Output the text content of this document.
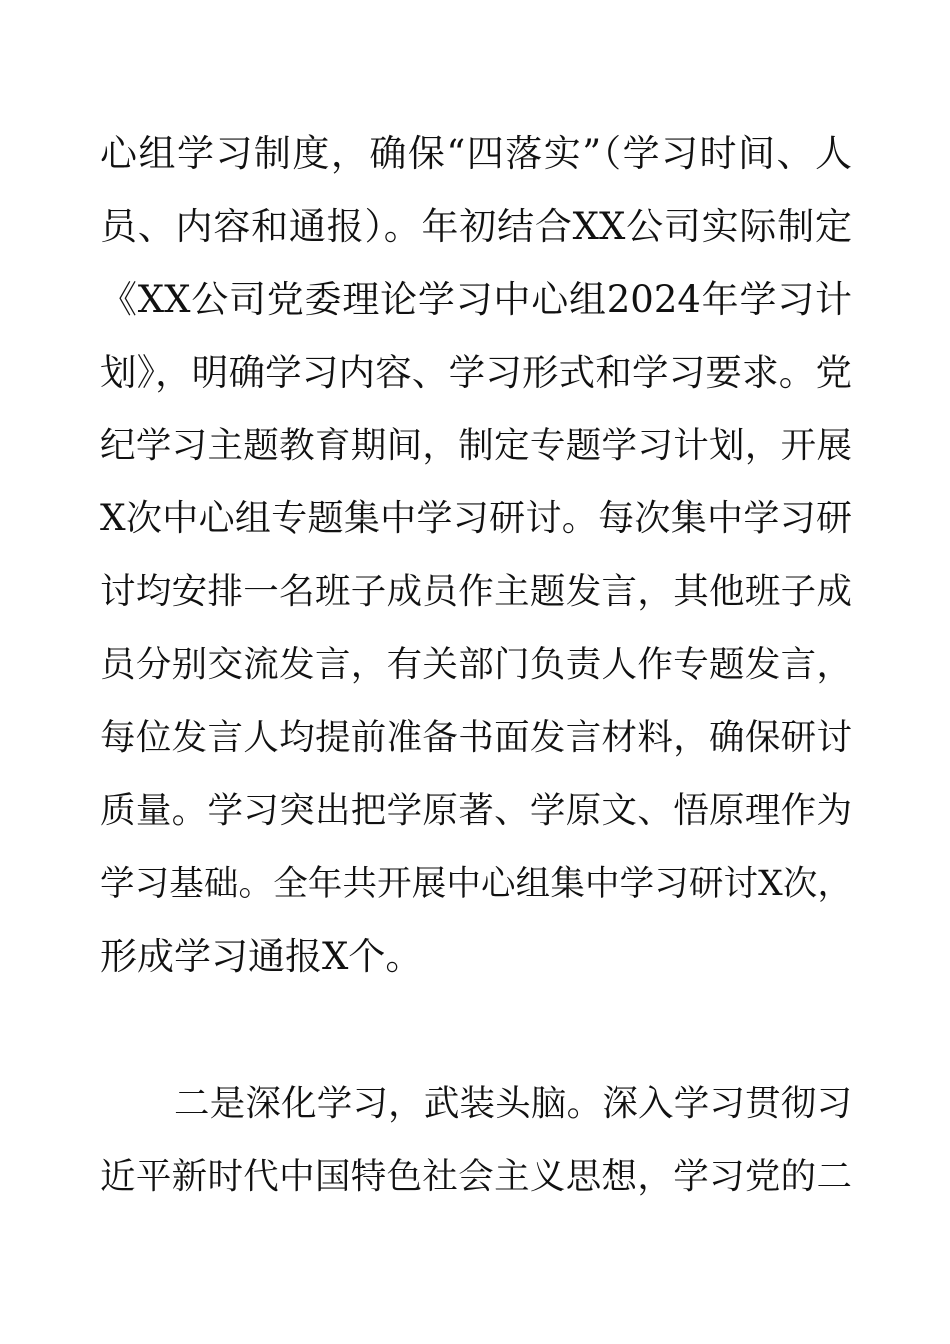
心组学习制度，确保“四落实”（学习时间、人
员、内容和通报）。年初结合XX公司实际制定
《XX公司党委理论学习中心组2024年学习计
划》，明确学习内容、学习形式和学习要求。党
纪学习主题教育期间，制定专题学习计划，开展
X次中心组专题集中学习研讨。每次集中学习研
讨均安排一名班子成员作主题发言，其他班子成
员分别交流发言，有关部门负责人作专题发言，
每位发言人均提前准备书面发言材料，确保研讨
质量。学习突出把学原著、学原文、悟原理作为
学习基础。全年共开展中心组集中学习研讨X次，
形成学习通报X个。
二是深化学习，武装头脑。深入学习贯彻习
近平新时代中国特色社会主义思想，学习党的二
